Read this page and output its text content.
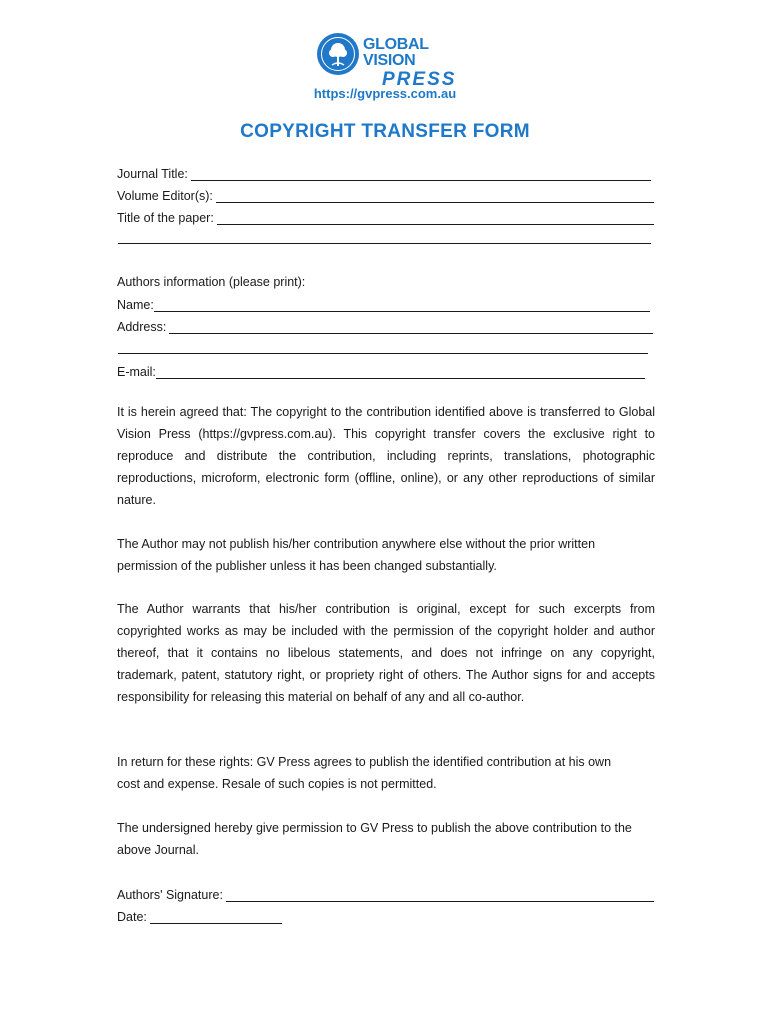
GLOBAL VISION
PRESS
https://gvpress.com.au
COPYRIGHT TRANSFER FORM
Journal Title:
Volume Editor(s):
Title of the paper:
Authors information (please print):
Name:
Address:
E-mail:
It is herein agreed that: The copyright to the contribution identified above is transferred to Global Vision Press (https://gvpress.com.au). This copyright transfer covers the exclusive right to reproduce and distribute the contribution, including reprints, translations, photographic reproductions, microform, electronic form (offline, online), or any other reproductions of similar nature.
The Author may not publish his/her contribution anywhere else without the prior written permission of the publisher unless it has been changed substantially.
The Author warrants that his/her contribution is original, except for such excerpts from copyrighted works as may be included with the permission of the copyright holder and author thereof, that it contains no libelous statements, and does not infringe on any copyright, trademark, patent, statutory right, or propriety right of others. The Author signs for and accepts responsibility for releasing this material on behalf of any and all co-author.
In return for these rights: GV Press agrees to publish the identified contribution at his own cost and expense. Resale of such copies is not permitted.
The undersigned hereby give permission to GV Press to publish the above contribution to the above Journal.
Authors' Signature:
Date:
